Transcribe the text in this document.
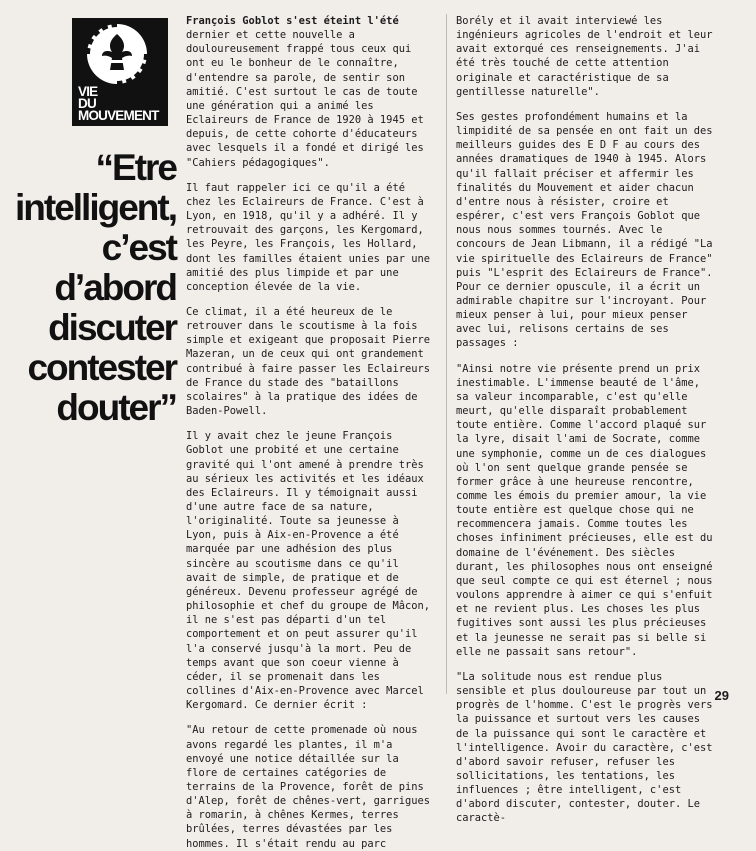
VIE
DU
MOUVEMENT
“Etre
intelligent,
c’est d’abord
discuter
contester
douter”

François Goblot s'est éteint l'été dernier et cette nouvelle a douloureusement frappé tous ceux qui ont eu le bonheur de le connaître, d'entendre sa parole, de sentir son amitié. C'est surtout le cas de toute une génération qui a animé les Eclaireurs de France de 1920 à 1945 et depuis, de cette cohorte d'éducateurs avec lesquels il a fondé et dirigé les "Cahiers pédagogiques".

Il faut rappeler ici ce qu'il a été chez les Eclaireurs de France. C'est à Lyon, en 1918, qu'il y a adhéré. Il y retrouvait des garçons, les Kergomard, les Peyre, les François, les Hollard, dont les familles étaient unies par une amitié des plus limpide et par une conception élevée de la vie.

Ce climat, il a été heureux de le retrouver dans le scoutisme à la fois simple et exigeant que proposait Pierre Mazeran, un de ceux qui ont grandement contribué à faire passer les Eclaireurs de France du stade des "bataillons scolaires" à la pratique des idées de Baden-Powell.

Il y avait chez le jeune François Goblot une probité et une certaine gravité qui l'ont amené à prendre très au sérieux les activités et les idéaux des Eclaireurs. Il y témoignait aussi d'une autre face de sa nature, l'originalité. Toute sa jeunesse à Lyon, puis à Aix-en-Provence a été marquée par une adhésion des plus sincère au scoutisme dans ce qu'il avait de simple, de pratique et de généreux. Devenu professeur agrégé de philosophie et chef du groupe de Mâcon, il ne s'est pas départi d'un tel comportement et on peut assurer qu'il l'a conservé jusqu'à la mort. Peu de temps avant que son coeur vienne à céder, il se promenait dans les collines d'Aix-en-Provence avec Marcel Kergomard. Ce dernier écrit :

"Au retour de cette promenade où nous avons regardé les plantes, il m'a envoyé une notice détaillée sur la flore de certaines catégories de terrains de la Provence, forêt de pins d'Alep, forêt de chênes-vert, garrigues à romarin, à chênes Kermes, terres brûlées, terres dévastées par les hommes. Il s'était rendu au parc

Borély et il avait interviewé les ingénieurs agricoles de l'endroit et leur avait extorqué ces renseignements. J'ai été très touché de cette attention originale et caractéristique de sa gentillesse naturelle".

Ses gestes profondément humains et la limpidité de sa pensée en ont fait un des meilleurs guides des E D F au cours des années dramatiques de 1940 à 1945. Alors qu'il fallait préciser et affermir les finalités du Mouvement et aider chacun d'entre nous à résister, croire et espérer, c'est vers François Goblot que nous nous sommes tournés. Avec le concours de Jean Libmann, il a rédigé "La vie spirituelle des Eclaireurs de France" puis "L'esprit des Eclaireurs de France". Pour ce dernier opuscule, il a écrit un admirable chapitre sur l'incroyant. Pour mieux penser à lui, pour mieux penser avec lui, relisons certains de ses passages :

"Ainsi notre vie présente prend un prix inestimable. L'immense beauté de l'âme, sa valeur incomparable, c'est qu'elle meurt, qu'elle disparaît probablement toute entière. Comme l'accord plaqué sur la lyre, disait l'ami de Socrate, comme une symphonie, comme un de ces dialogues où l'on sent quelque grande pensée se former grâce à une heureuse rencontre, comme les émois du premier amour, la vie toute entière est quelque chose qui ne recommencera jamais. Comme toutes les choses infiniment précieuses, elle est du domaine de l'événement. Des siècles durant, les philosophes nous ont enseigné que seul compte ce qui est éternel ; nous voulons apprendre à aimer ce qui s'enfuit et ne revient plus. Les choses les plus fugitives sont aussi les plus précieuses et la jeunesse ne serait pas si belle si elle ne passait sans retour".

"La solitude nous est rendue plus sensible et plus douloureuse par tout un progrès de l'homme. C'est le progrès vers la puissance et surtout vers les causes de la puissance qui sont le caractère et l'intelligence. Avoir du caractère, c'est d'abord savoir refuser, refuser les sollicitations, les tentations, les influences ; être intelligent, c'est d'abord discuter, contester, douter. Le caractè-

29
